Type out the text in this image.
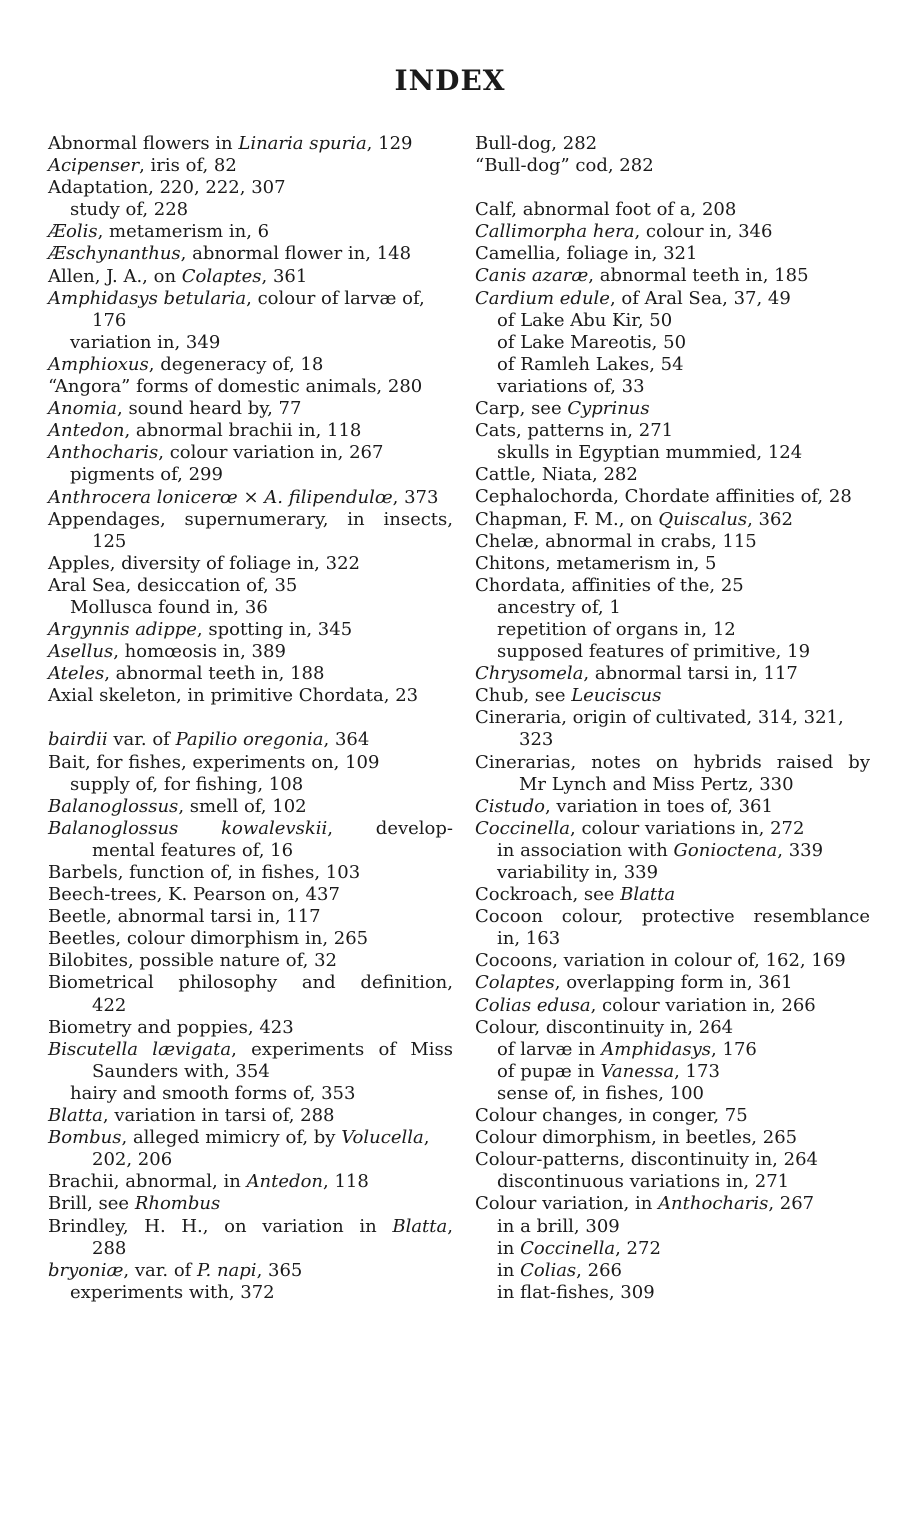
INDEX
Abnormal flowers in Linaria spuria, 129
Acipenser, iris of, 82
Adaptation, 220, 222, 307
study of, 228
Æolis, metamerism in, 6
Æschynanthus, abnormal flower in, 148
Allen, J. A., on Colaptes, 361
Amphidasys betularia, colour of larvæ of,
176
variation in, 349
Amphioxus, degeneracy of, 18
“Angora” forms of domestic animals, 280
Anomia, sound heard by, 77
Antedon, abnormal brachii in, 118
Anthocharis, colour variation in, 267
pigments of, 299
Anthrocera lonicerœ × A. filipendulœ, 373
Appendages, supernumerary, in insects,
125
Apples, diversity of foliage in, 322
Aral Sea, desiccation of, 35
Mollusca found in, 36
Argynnis adippe, spotting in, 345
Asellus, homœosis in, 389
Ateles, abnormal teeth in, 188
Axial skeleton, in primitive Chordata, 23
bairdii var. of Papilio oregonia, 364
Bait, for fishes, experiments on, 109
supply of, for fishing, 108
Balanoglossus, smell of, 102
Balanoglossus kowalevskii, develop-
mental features of, 16
Barbels, function of, in fishes, 103
Beech-trees, K. Pearson on, 437
Beetle, abnormal tarsi in, 117
Beetles, colour dimorphism in, 265
Bilobites, possible nature of, 32
Biometrical philosophy and definition,
422
Biometry and poppies, 423
Biscutella lævigata, experiments of Miss
Saunders with, 354
hairy and smooth forms of, 353
Blatta, variation in tarsi of, 288
Bombus, alleged mimicry of, by Volucella,
202, 206
Brachii, abnormal, in Antedon, 118
Brill, see Rhombus
Brindley, H. H., on variation in Blatta,
288
bryoniæ, var. of P. napi, 365
experiments with, 372
Bull-dog, 282
“Bull-dog” cod, 282
Calf, abnormal foot of a, 208
Callimorpha hera, colour in, 346
Camellia, foliage in, 321
Canis azaræ, abnormal teeth in, 185
Cardium edule, of Aral Sea, 37, 49
of Lake Abu Kir, 50
of Lake Mareotis, 50
of Ramleh Lakes, 54
variations of, 33
Carp, see Cyprinus
Cats, patterns in, 271
skulls in Egyptian mummied, 124
Cattle, Niata, 282
Cephalochorda, Chordate affinities of, 28
Chapman, F. M., on Quiscalus, 362
Chelæ, abnormal in crabs, 115
Chitons, metamerism in, 5
Chordata, affinities of the, 25
ancestry of, 1
repetition of organs in, 12
supposed features of primitive, 19
Chrysomela, abnormal tarsi in, 117
Chub, see Leuciscus
Cineraria, origin of cultivated, 314, 321,
323
Cinerarias, notes on hybrids raised by
Mr Lynch and Miss Pertz, 330
Cistudo, variation in toes of, 361
Coccinella, colour variations in, 272
in association with Gonioctena, 339
variability in, 339
Cockroach, see Blatta
Cocoon colour, protective resemblance
in, 163
Cocoons, variation in colour of, 162, 169
Colaptes, overlapping form in, 361
Colias edusa, colour variation in, 266
Colour, discontinuity in, 264
of larvæ in Amphidasys, 176
of pupæ in Vanessa, 173
sense of, in fishes, 100
Colour changes, in conger, 75
Colour dimorphism, in beetles, 265
Colour-patterns, discontinuity in, 264
discontinuous variations in, 271
Colour variation, in Anthocharis, 267
in a brill, 309
in Coccinella, 272
in Colias, 266
in flat-fishes, 309
